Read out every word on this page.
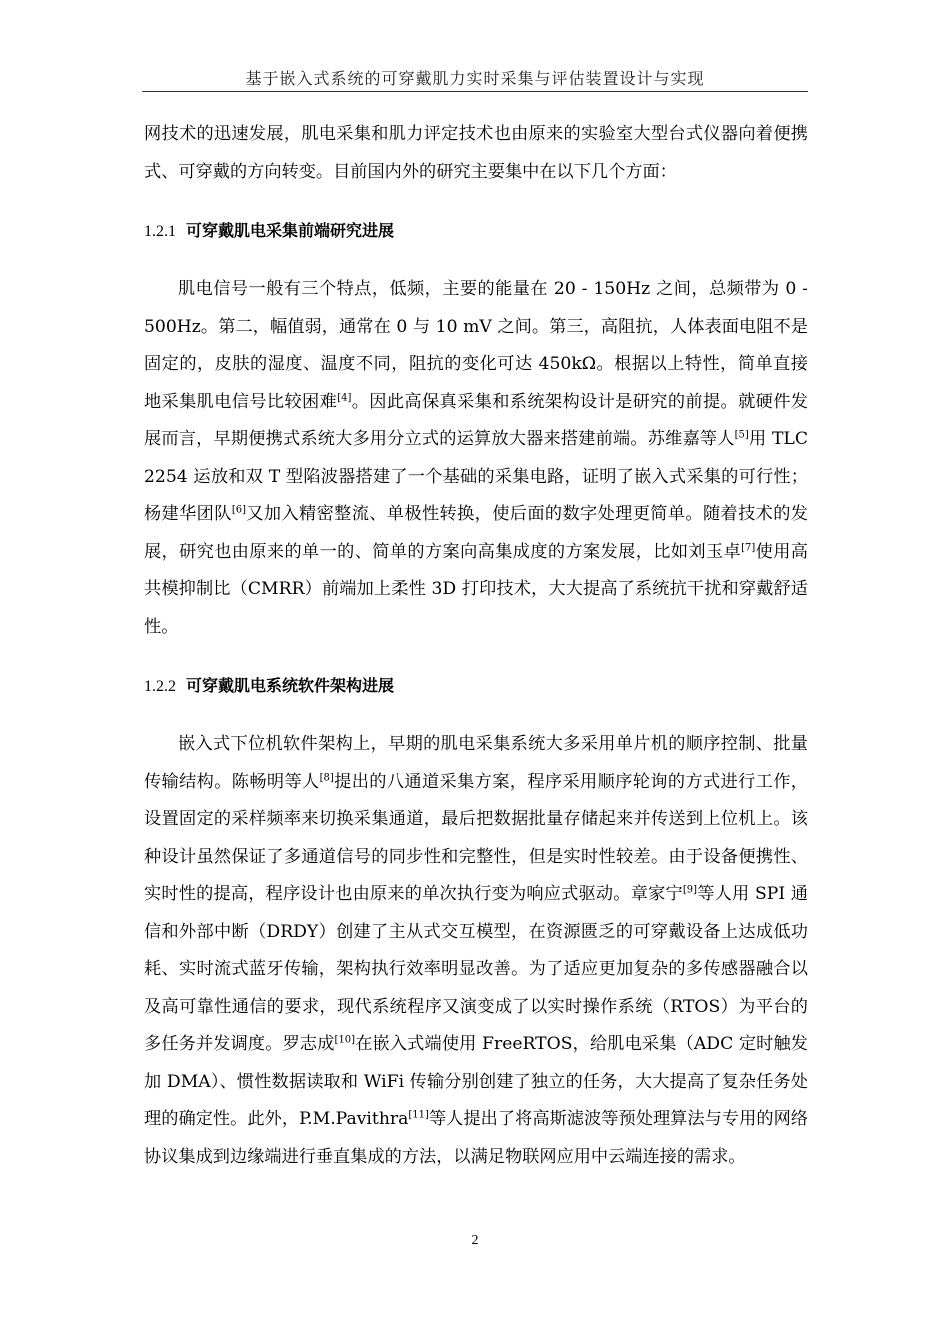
基于嵌入式系统的可穿戴肌力实时采集与评估装置设计与实现

网技术的迅速发展，肌电采集和肌力评定技术也由原来的实验室大型台式仪器向着便携式、可穿戴的方向转变。目前国内外的研究主要集中在以下几个方面：

1.2.1 可穿戴肌电采集前端研究进展

肌电信号一般有三个特点，低频，主要的能量在 20 - 150Hz 之间，总频带为 0 - 500Hz。第二，幅值弱，通常在 0 与 10 mV 之间。第三，高阻抗，人体表面电阻不是固定的，皮肤的湿度、温度不同，阻抗的变化可达 450kΩ。根据以上特性，简单直接地采集肌电信号比较困难[4]。因此高保真采集和系统架构设计是研究的前提。就硬件发展而言，早期便携式系统大多用分立式的运算放大器来搭建前端。苏维嘉等人[5]用 TLC2254 运放和双 T 型陷波器搭建了一个基础的采集电路，证明了嵌入式采集的可行性；杨建华团队[6]又加入精密整流、单极性转换，使后面的数字处理更简单。随着技术的发展，研究也由原来的单一的、简单的方案向高集成度的方案发展，比如刘玉卓[7]使用高共模抑制比（CMRR）前端加上柔性 3D 打印技术，大大提高了系统抗干扰和穿戴舒适性。

1.2.2 可穿戴肌电系统软件架构进展

嵌入式下位机软件架构上，早期的肌电采集系统大多采用单片机的顺序控制、批量传输结构。陈畅明等人[8]提出的八通道采集方案，程序采用顺序轮询的方式进行工作，设置固定的采样频率来切换采集通道，最后把数据批量存储起来并传送到上位机上。该种设计虽然保证了多通道信号的同步性和完整性，但是实时性较差。由于设备便携性、实时性的提高，程序设计也由原来的单次执行变为响应式驱动。章家宁[9]等人用 SPI 通信和外部中断（DRDY）创建了主从式交互模型，在资源匮乏的可穿戴设备上达成低功耗、实时流式蓝牙传输，架构执行效率明显改善。为了适应更加复杂的多传感器融合以及高可靠性通信的要求，现代系统程序又演变成了以实时操作系统（RTOS）为平台的多任务并发调度。罗志成[10]在嵌入式端使用 FreeRTOS，给肌电采集（ADC 定时触发加 DMA）、惯性数据读取和 WiFi 传输分别创建了独立的任务，大大提高了复杂任务处理的确定性。此外，P.M.Pavithra[11]等人提出了将高斯滤波等预处理算法与专用的网络协议集成到边缘端进行垂直集成的方法，以满足物联网应用中云端连接的需求。

2
